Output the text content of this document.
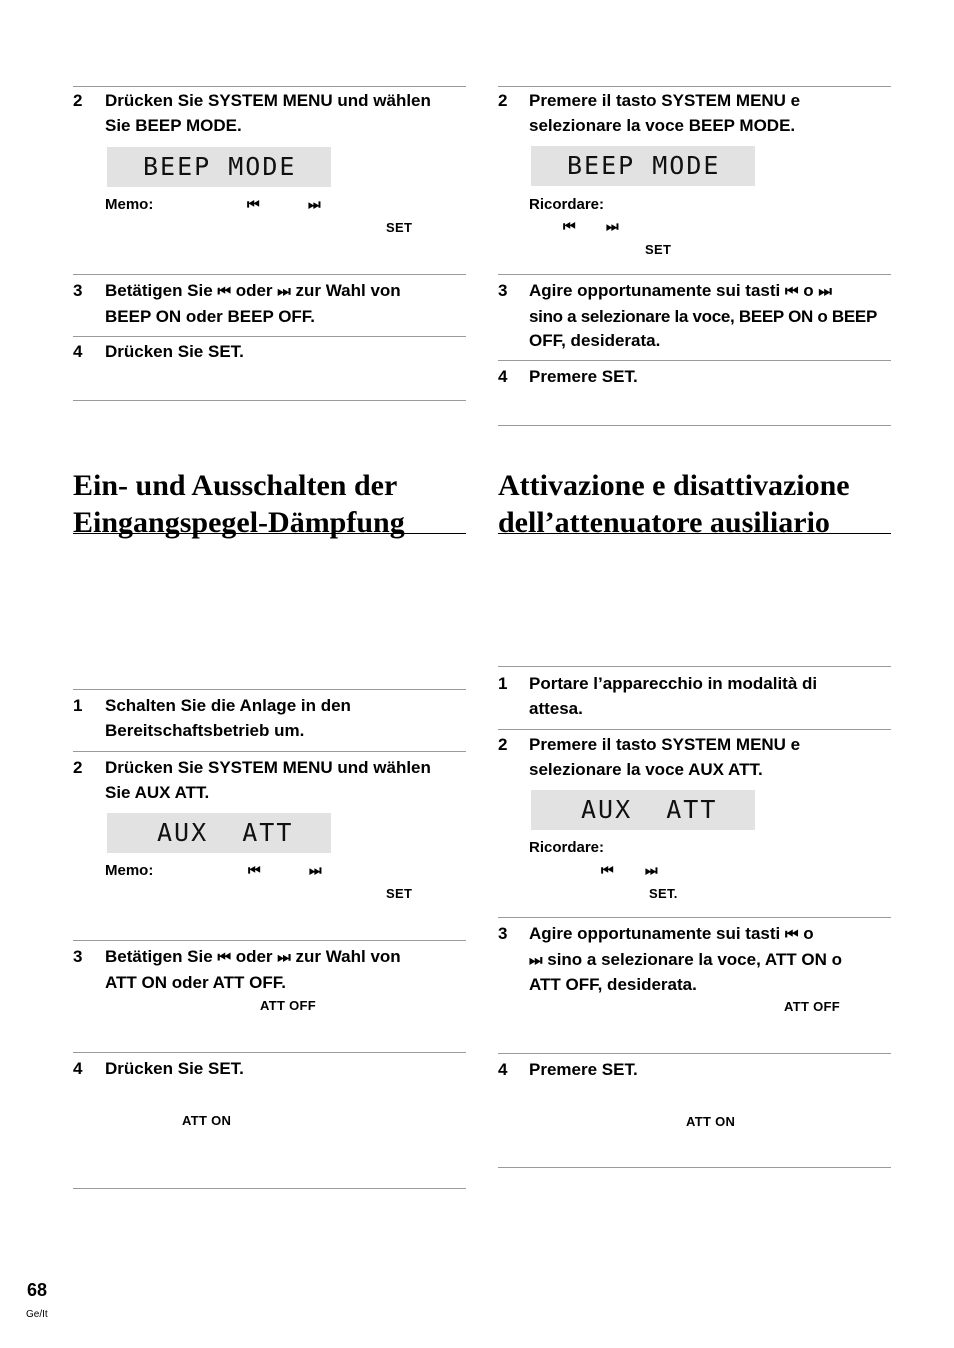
2 Drücken Sie SYSTEM MENU und wählen
Sie BEEP MODE.
BEEP MODE
Memo:	⏮	⏭
SET
3 Betätigen Sie ⏮ oder ⏭ zur Wahl von
BEEP ON oder BEEP OFF.
4 Drücken Sie SET.
Ein- und Ausschalten der
Eingangspegel-Dämpfung
1 Schalten Sie die Anlage in den
Bereitschaftsbetrieb um.
2 Drücken Sie SYSTEM MENU und wählen
Sie AUX ATT.
AUX  ATT
Memo:	⏮	⏭
SET
3 Betätigen Sie ⏮ oder ⏭ zur Wahl von
ATT ON oder ATT OFF.
ATT OFF
4 Drücken Sie SET.
ATT ON
2 Premere il tasto SYSTEM MENU e
selezionare la voce BEEP MODE.
BEEP MODE
Ricordare:
⏮ ⏭
SET
3 Agire opportunamente sui tasti ⏮ o ⏭
sino a selezionare la voce, BEEP ON o BEEP
OFF, desiderata.
4 Premere SET.
Attivazione e disattivazione
dell’attenuatore ausiliario
1 Portare l’apparecchio in modalità di
attesa.
2 Premere il tasto SYSTEM MENU e
selezionare la voce AUX ATT.
AUX  ATT
Ricordare:
⏮ ⏭
SET.
3 Agire opportunamente sui tasti ⏮ o
⏭ sino a selezionare la voce, ATT ON o
ATT OFF, desiderata.
ATT OFF
4 Premere SET.
ATT ON
68
Ge/It
